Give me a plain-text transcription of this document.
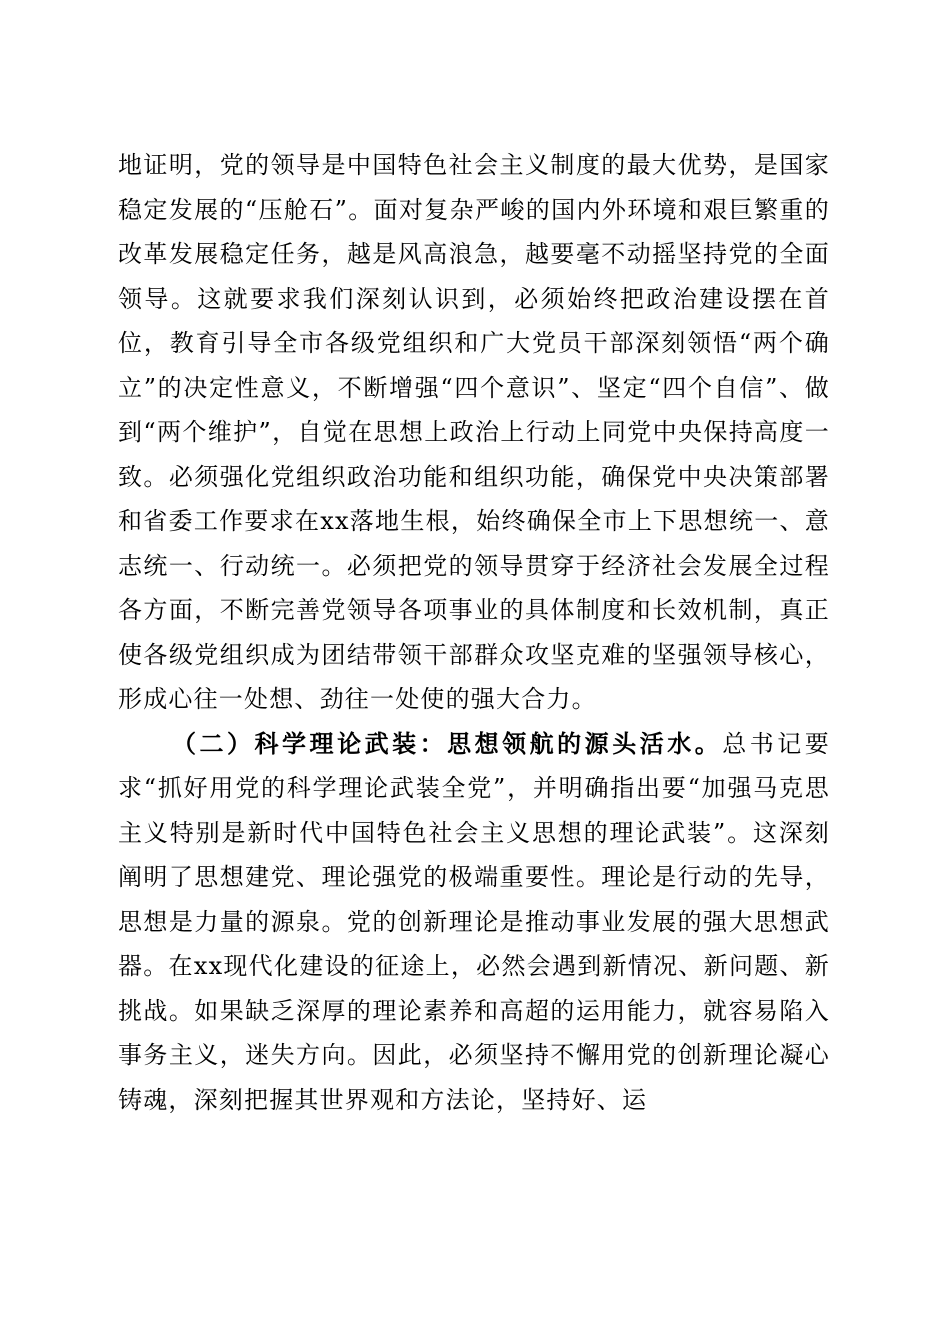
地证明，党的领导是中国特色社会主义制度的最大优势，是国家稳定发展的“压舱石”。面对复杂严峻的国内外环境和艰巨繁重的改革发展稳定任务，越是风高浪急，越要毫不动摇坚持党的全面领导。这就要求我们深刻认识到，必须始终把政治建设摆在首位，教育引导全市各级党组织和广大党员干部深刻领悟“两个确立”的决定性意义，不断增强“四个意识”、坚定“四个自信”、做到“两个维护”，自觉在思想上政治上行动上同党中央保持高度一致。必须强化党组织政治功能和组织功能，确保党中央决策部署和省委工作要求在xx落地生根，始终确保全市上下思想统一、意志统一、行动统一。必须把党的领导贯穿于经济社会发展全过程各方面，不断完善党领导各项事业的具体制度和长效机制，真正使各级党组织成为团结带领干部群众攻坚克难的坚强领导核心，形成心往一处想、劲往一处使的强大合力。

（二）科学理论武装：思想领航的源头活水。总书记要求“抓好用党的科学理论武装全党”，并明确指出要“加强马克思主义特别是新时代中国特色社会主义思想的理论武装”。这深刻阐明了思想建党、理论强党的极端重要性。理论是行动的先导，思想是力量的源泉。党的创新理论是推动事业发展的强大思想武器。在xx现代化建设的征途上，必然会遇到新情况、新问题、新挑战。如果缺乏深厚的理论素养和高超的运用能力，就容易陷入事务主义，迷失方向。因此，必须坚持不懈用党的创新理论凝心铸魂，深刻把握其世界观和方法论，坚持好、运
